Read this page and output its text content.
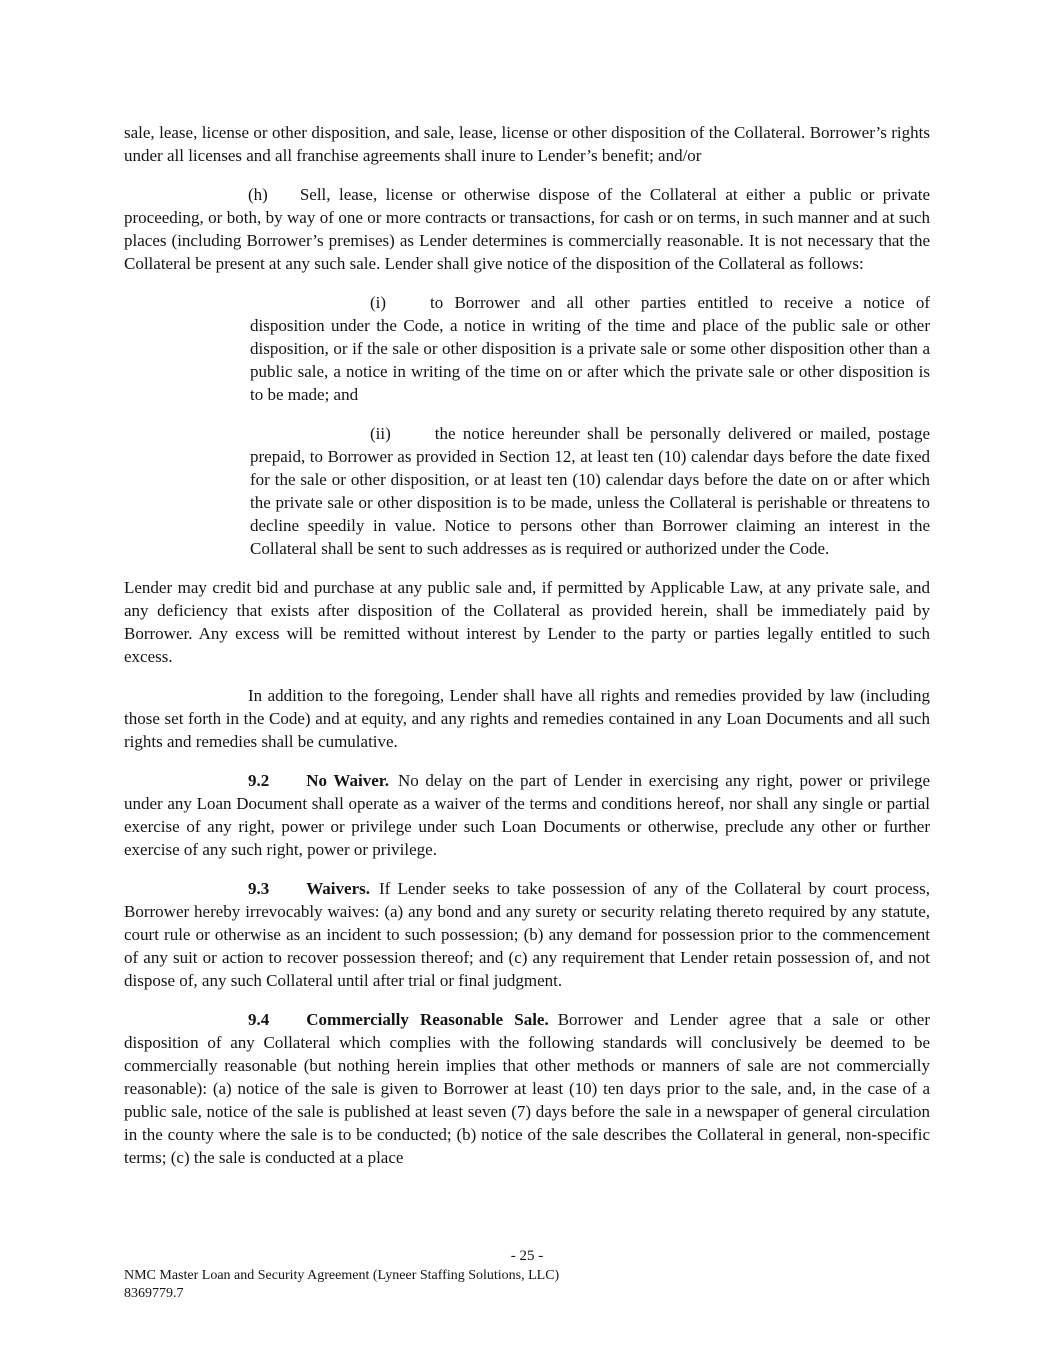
sale, lease, license or other disposition, and sale, lease, license or other disposition of the Collateral. Borrower’s rights under all licenses and all franchise agreements shall inure to Lender’s benefit; and/or

(h) Sell, lease, license or otherwise dispose of the Collateral at either a public or private proceeding, or both, by way of one or more contracts or transactions, for cash or on terms, in such manner and at such places (including Borrower’s premises) as Lender determines is commercially reasonable. It is not necessary that the Collateral be present at any such sale. Lender shall give notice of the disposition of the Collateral as follows:

(i)	to Borrower and all other parties entitled to receive a notice of disposition under the Code, a notice in writing of the time and place of the public sale or other disposition, or if the sale or other disposition is a private sale or some other disposition other than a public sale, a notice in writing of the time on or after which the private sale or other disposition is to be made; and

(ii)	the notice hereunder shall be personally delivered or mailed, postage prepaid, to Borrower as provided in Section 12, at least ten (10) calendar days before the date fixed for the sale or other disposition, or at least ten (10) calendar days before the date on or after which the private sale or other disposition is to be made, unless the Collateral is perishable or threatens to decline speedily in value. Notice to persons other than Borrower claiming an interest in the Collateral shall be sent to such addresses as is required or authorized under the Code.

Lender may credit bid and purchase at any public sale and, if permitted by Applicable Law, at any private sale, and any deficiency that exists after disposition of the Collateral as provided herein, shall be immediately paid by Borrower. Any excess will be remitted without interest by Lender to the party or parties legally entitled to such excess.

In addition to the foregoing, Lender shall have all rights and remedies provided by law (including those set forth in the Code) and at equity, and any rights and remedies contained in any Loan Documents and all such rights and remedies shall be cumulative.

9.2 No Waiver. No delay on the part of Lender in exercising any right, power or privilege under any Loan Document shall operate as a waiver of the terms and conditions hereof, nor shall any single or partial exercise of any right, power or privilege under such Loan Documents or otherwise, preclude any other or further exercise of any such right, power or privilege.

9.3 Waivers. If Lender seeks to take possession of any of the Collateral by court process, Borrower hereby irrevocably waives: (a) any bond and any surety or security relating thereto required by any statute, court rule or otherwise as an incident to such possession; (b) any demand for possession prior to the commencement of any suit or action to recover possession thereof; and (c) any requirement that Lender retain possession of, and not dispose of, any such Collateral until after trial or final judgment.

9.4 Commercially Reasonable Sale. Borrower and Lender agree that a sale or other disposition of any Collateral which complies with the following standards will conclusively be deemed to be commercially reasonable (but nothing herein implies that other methods or manners of sale are not commercially reasonable): (a) notice of the sale is given to Borrower at least (10) ten days prior to the sale, and, in the case of a public sale, notice of the sale is published at least seven (7) days before the sale in a newspaper of general circulation in the county where the sale is to be conducted; (b) notice of the sale describes the Collateral in general, non-specific terms; (c) the sale is conducted at a place

- 25 -
NMC Master Loan and Security Agreement (Lyneer Staffing Solutions, LLC)
8369779.7
